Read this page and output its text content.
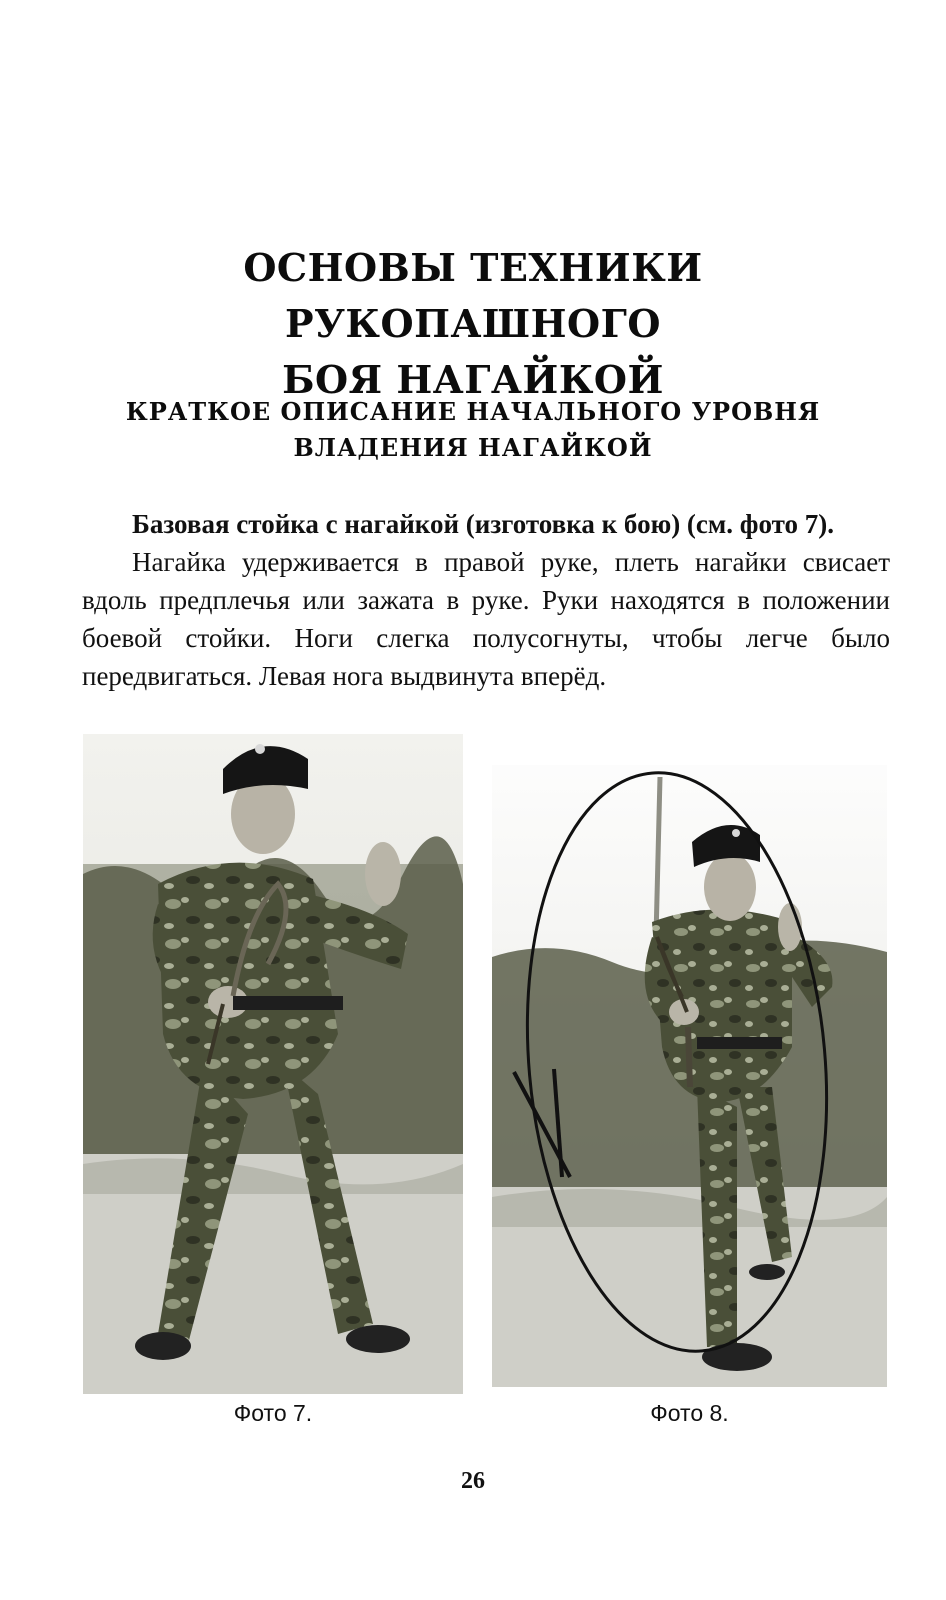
ОСНОВЫ ТЕХНИКИ РУКОПАШНОГО
БОЯ НАГАЙКОЙ
КРАТКОЕ ОПИСАНИЕ НАЧАЛЬНОГО УРОВНЯ
ВЛАДЕНИЯ НАГАЙКОЙ

Базовая стойка с нагайкой (изготовка к бою) (см. фото 7).

Нагайка удерживается в правой руке, плеть нагайки свисает вдоль предплечья или зажата в руке. Руки находятся в положении боевой стойки. Ноги слегка полусогнуты, чтобы легче было передвигаться. Левая нога выдвинута вперёд.

Фото 7.	Фото 8.
26
